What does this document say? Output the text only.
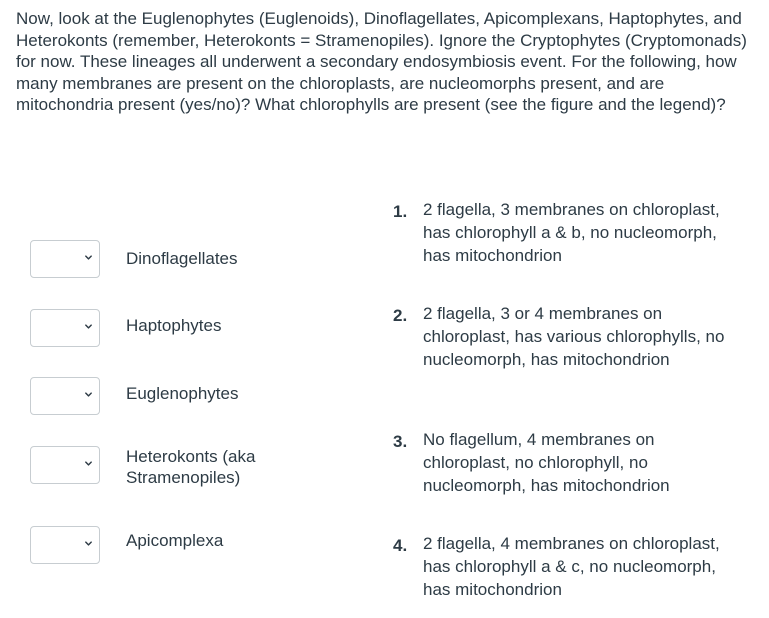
Now, look at the Euglenophytes (Euglenoids), Dinoflagellates, Apicomplexans, Haptophytes, and Heterokonts (remember, Heterokonts = Stramenopiles). Ignore the Cryptophytes (Cryptomonads) for now. These lineages all underwent a secondary endosymbiosis event. For the following, how many membranes are present on the chloroplasts, are nucleomorphs present, and are mitochondria present (yes/no)? What chlorophylls are present (see the figure and the legend)?

Dinoflagellates
Haptophytes
Euglenophytes
Heterokonts (aka Stramenopiles)
Apicomplexa
1. 2 flagella, 3 membranes on chloroplast, has chlorophyll a & b, no nucleomorph, has mitochondrion
2. 2 flagella, 3 or 4 membranes on chloroplast, has various chlorophylls, no nucleomorph, has mitochondrion
3. No flagellum, 4 membranes on chloroplast, no chlorophyll, no nucleomorph, has mitochondrion
4. 2 flagella, 4 membranes on chloroplast, has chlorophyll a & c, no nucleomorph, has mitochondrion
